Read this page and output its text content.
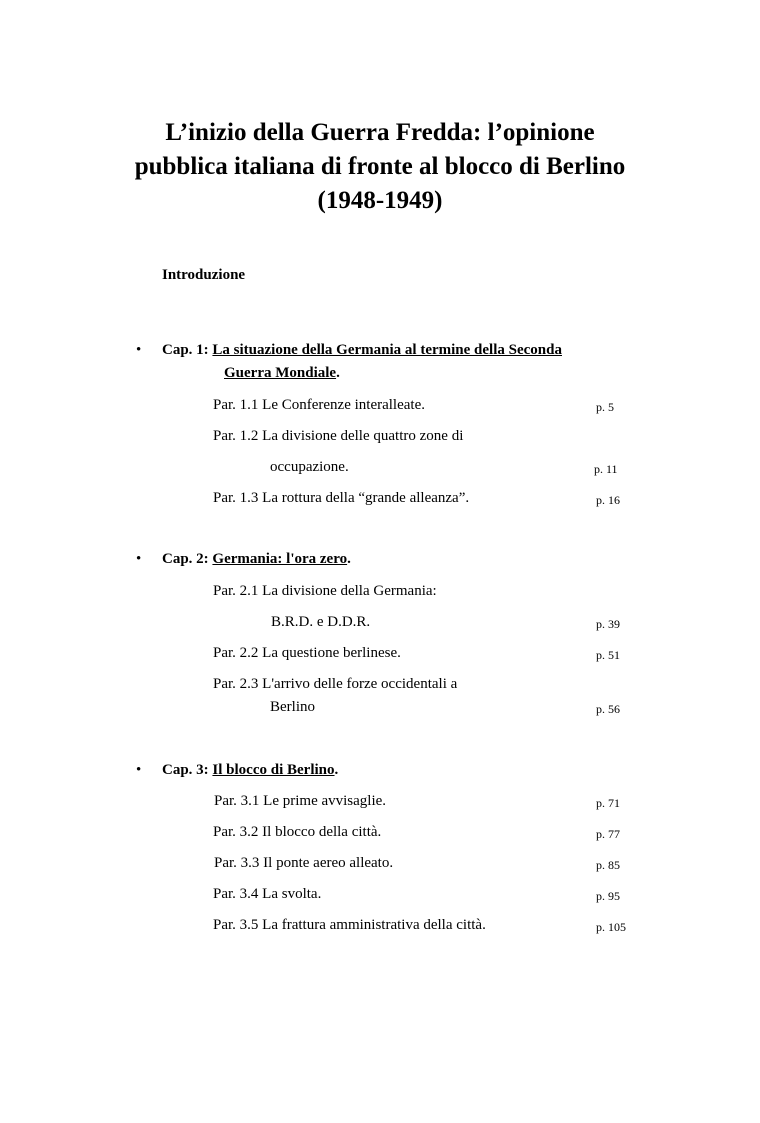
L’inizio della Guerra Fredda: l’opinione
pubblica italiana di fronte al blocco di Berlino
(1948-1949)
Introduzione
• Cap. 1: La situazione della Germania al termine della Seconda
Guerra Mondiale.
Par. 1.1 Le Conferenze interalleate.	p. 5
Par. 1.2 La divisione delle quattro zone di
occupazione.	p. 11
Par. 1.3 La rottura della “grande alleanza”.	p. 16
• Cap. 2: Germania: l'ora zero.
Par. 2.1 La divisione della Germania:
B.R.D. e D.D.R.	p. 39
Par. 2.2 La questione berlinese.	p. 51
Par. 2.3 L'arrivo delle forze occidentali a
Berlino	p. 56
• Cap. 3: Il blocco di Berlino.
Par. 3.1 Le prime avvisaglie.	p. 71
Par. 3.2 Il blocco della città.	p. 77
Par. 3.3 Il ponte aereo alleato.	p. 85
Par. 3.4 La svolta.	p. 95
Par. 3.5 La frattura amministrativa della città.	p. 105
